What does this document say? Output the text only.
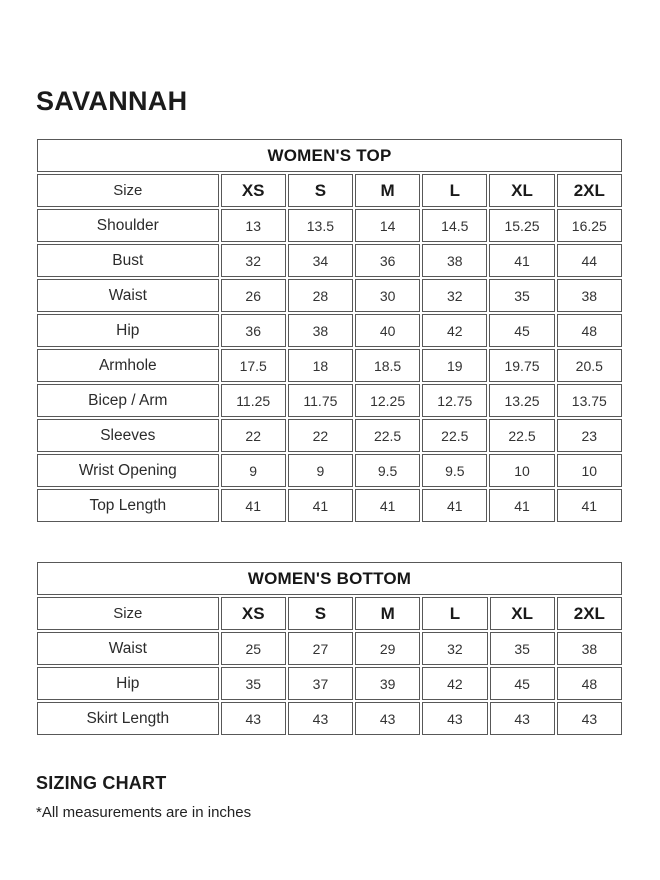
SAVANNAH
WOMEN'S TOP						
Size	XS	S	M	L	XL	2XL
Shoulder	13	13.5	14	14.5	15.25	16.25
Bust	32	34	36	38	41	44
Waist	26	28	30	32	35	38
Hip	36	38	40	42	45	48
Armhole	17.5	18	18.5	19	19.75	20.5
Bicep / Arm	11.25	11.75	12.25	12.75	13.25	13.75
Sleeves	22	22	22.5	22.5	22.5	23
Wrist Opening	9	9	9.5	9.5	10	10
Top Length	41	41	41	41	41	41
WOMEN'S BOTTOM						
Size	XS	S	M	L	XL	2XL
Waist	25	27	29	32	35	38
Hip	35	37	39	42	45	48
Skirt Length	43	43	43	43	43	43
SIZING CHART

*All measurements are in inches
